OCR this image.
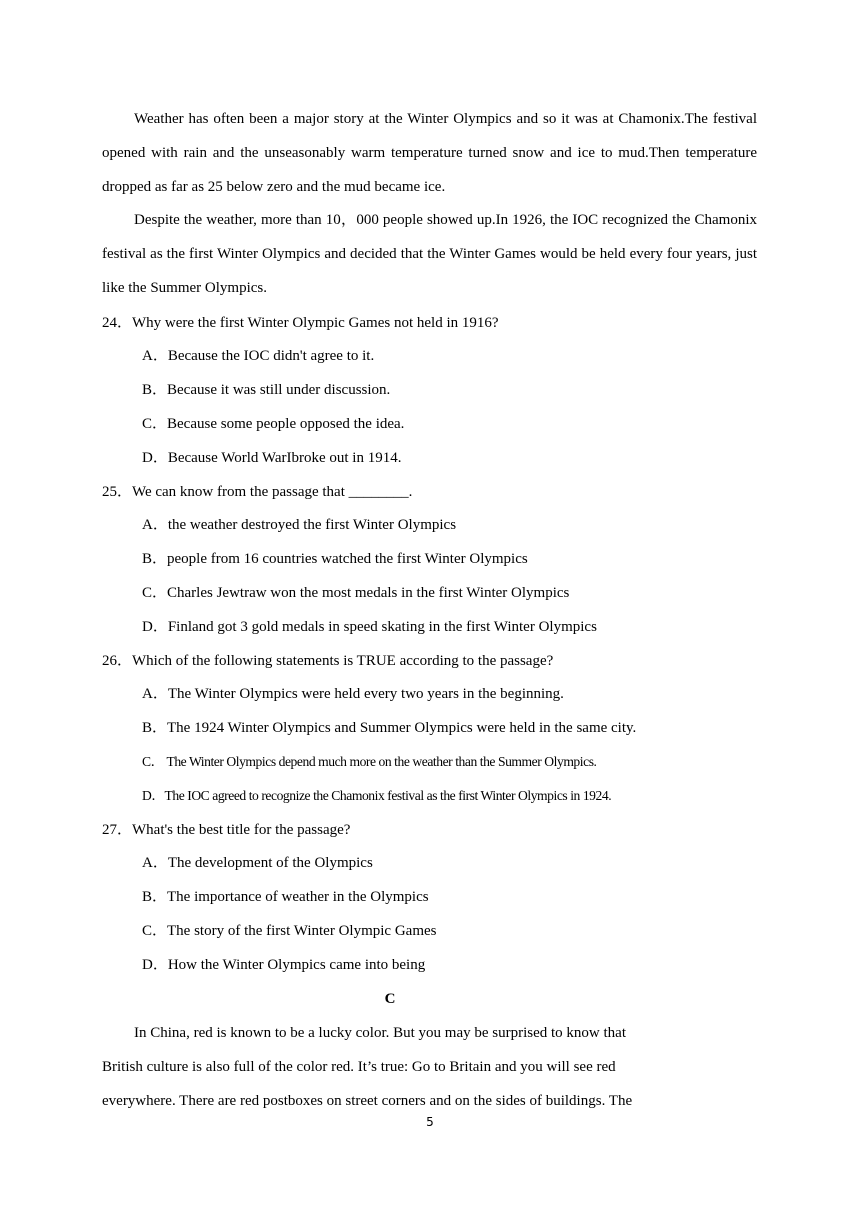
Weather has often been a major story at the Winter Olympics and so it was at Chamonix.The festival opened with rain and the unseasonably warm temperature turned snow and ice to mud.Then temperature dropped as far as 25 below zero and the mud became ice.
Despite the weather, more than 10，000 people showed up.In 1926, the IOC recognized the Chamonix festival as the first Winter Olympics and decided that the Winter Games would be held every four years, just like the Summer Olympics.
24．Why were the first Winter Olympic Games not held in 1916?
A．Because the IOC didn't agree to it.
B．Because it was still under discussion.
C．Because some people opposed the idea.
D．Because World WarIbroke out in 1914.
25．We can know from the passage that ________.
A．the weather destroyed the first Winter Olympics
B．people from 16 countries watched the first Winter Olympics
C．Charles Jewtraw won the most medals in the first Winter Olympics
D．Finland got 3 gold medals in speed skating in the first Winter Olympics
26．Which of the following statements is TRUE according to the passage?
A．The Winter Olympics were held every two years in the beginning.
B．The 1924 Winter Olympics and Summer Olympics were held in the same city.
C． The Winter Olympics depend much more on the weather than the Summer Olympics.
D．The IOC agreed to recognize the Chamonix festival as the first Winter Olympics in 1924.
27．What's the best title for the passage?
A．The development of the Olympics
B．The importance of weather in the Olympics
C．The story of the first Winter Olympic Games
D．How the Winter Olympics came into being
C
In China, red is known to be a lucky color. But you may be surprised to know that
British culture is also full of the color red. It’s true: Go to Britain and you will see red
everywhere. There are red postboxes on street corners and on the sides of buildings. The
5
